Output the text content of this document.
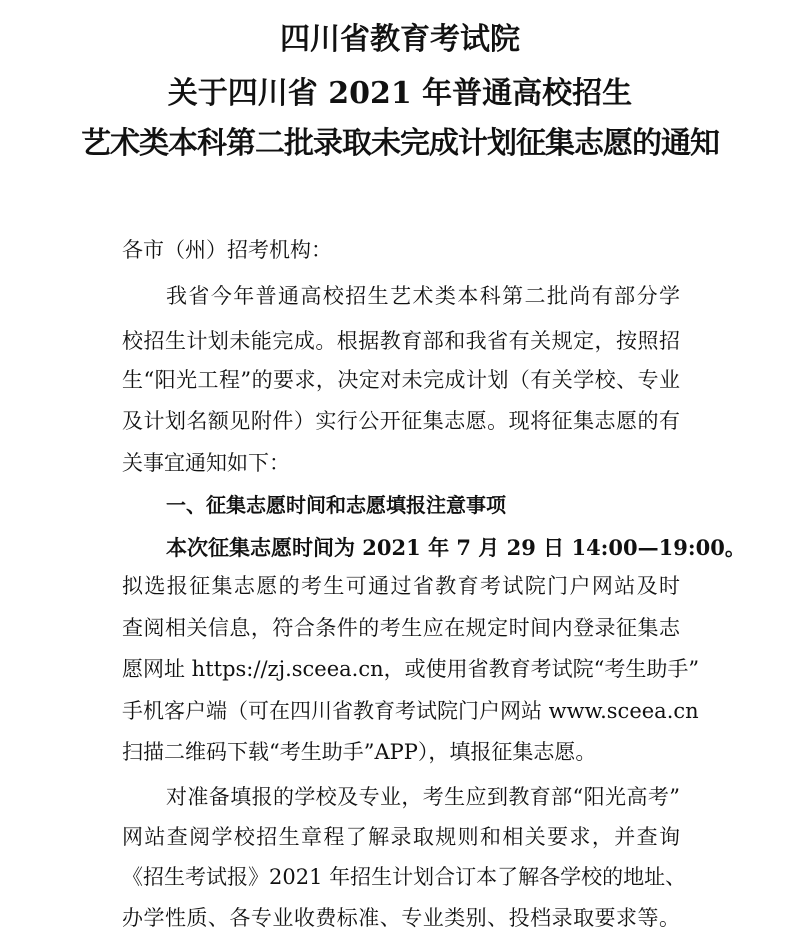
四川省教育考试院
关于四川省 2021 年普通高校招生
艺术类本科第二批录取未完成计划征集志愿的通知
各市（州）招考机构：
我省今年普通高校招生艺术类本科第二批尚有部分学
校招生计划未能完成。根据教育部和我省有关规定，按照招
生“阳光工程”的要求，决定对未完成计划（有关学校、专业
及计划名额见附件）实行公开征集志愿。现将征集志愿的有
关事宜通知如下：
一、征集志愿时间和志愿填报注意事项
本次征集志愿时间为 2021 年 7 月 29 日 14:00—19:00。
拟选报征集志愿的考生可通过省教育考试院门户网站及时
查阅相关信息，符合条件的考生应在规定时间内登录征集志
愿网址 https://zj.sceea.cn，或使用省教育考试院“考生助手”
手机客户端（可在四川省教育考试院门户网站 www.sceea.cn
扫描二维码下载“考生助手”APP），填报征集志愿。
对准备填报的学校及专业，考生应到教育部“阳光高考”
网站查阅学校招生章程了解录取规则和相关要求，并查询
《招生考试报》2021 年招生计划合订本了解各学校的地址、
办学性质、各专业收费标准、专业类别、投档录取要求等。
